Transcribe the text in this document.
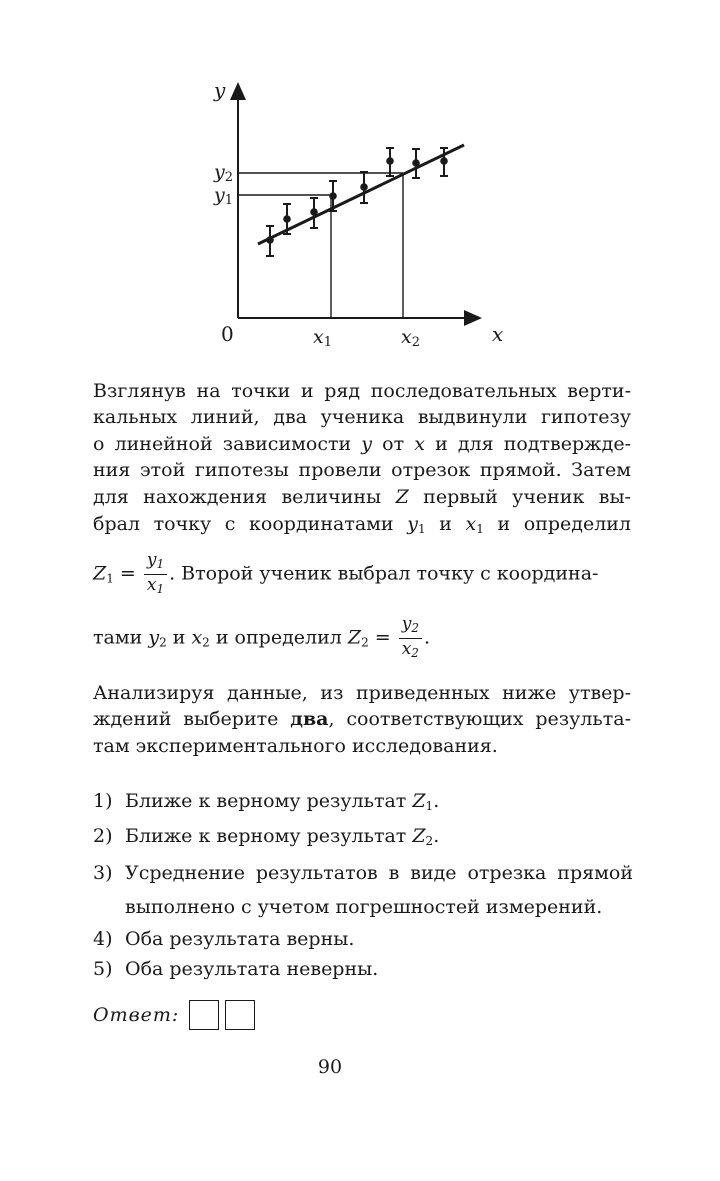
y
x
0
y2
y1
x1	x2
Взглянув на точки и ряд последовательных верти-
кальных линий, два ученика выдвинули гипотезу
о линейной зависимости y от x и для подтвержде-
ния этой гипотезы провели отрезок прямой. Затем
для нахождения величины Z первый ученик вы-
брал точку с координатами $y_1$ и $x_1$ и определил
$Z_1 = \frac{y_1}{x_1}$ . Второй ученик выбрал точку с координа-
тами $y_2$ и $x_2$ и определил $Z_2 = \frac{y_2}{x_2}$ .
Анализируя данные, из приведенных ниже утвер-
ждений выберите два, соответствующих результа-
там экспериментального исследования.
1) Ближе к верному результат $Z_1$.
2) Ближе к верному результат $Z_2$.
3) Усреднение результатов в виде отрезка прямой выполнено с учетом погрешностей измерений.
4) Оба результата верны.
5) Оба результата неверны.
Ответ:
90
